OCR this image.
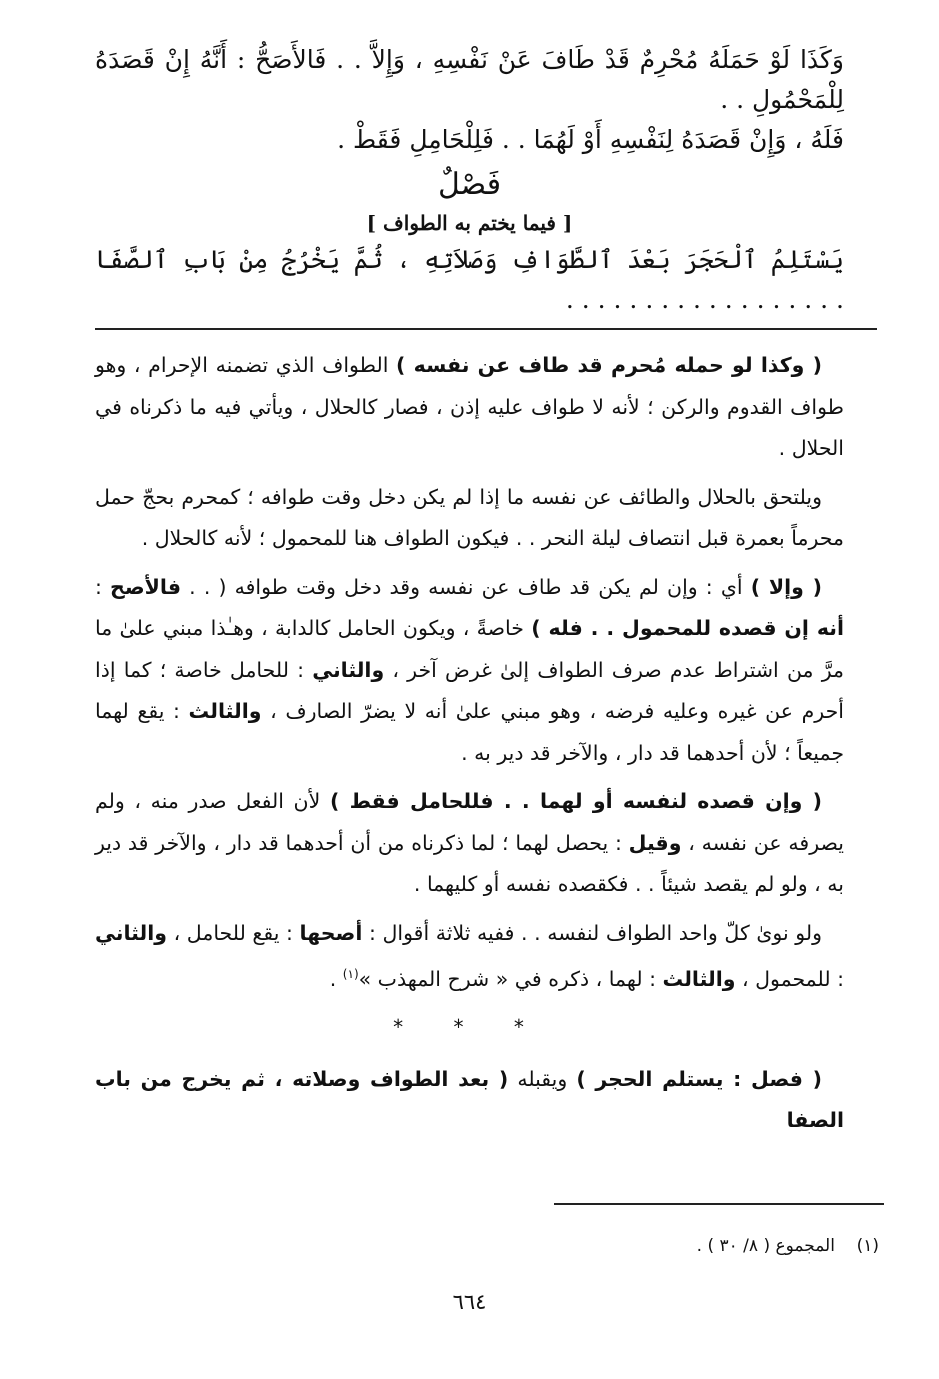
وَكَذَا لَوْ حَمَلَهُ مُحْرِمٌ قَدْ طَافَ عَنْ نَفْسِهِ ، وَإِلاَّ . . فَالأَصَحُّ : أَنَّهُ إِنْ قَصَدَهُ لِلْمَحْمُولِ . .

فَلَهُ ، وَإِنْ قَصَدَهُ لِنَفْسِهِ أَوْ لَهُمَا . . فَلِلْحَامِلِ فَقَطْ .

فَصْلٌ
[ فيما يختم به الطواف ]

يَسْتَلِمُ ٱلْحَجَرَ بَعْدَ ٱلطَّوَافِ وَصَلاَتِهِ ، ثُمَّ يَخْرُجُ مِنْ بَابِ ٱلصَّفَا . . . . . . . . . . . . . . . . . .

( وكذا لو حمله مُحرم قد طاف عن نفسه ) الطواف الذي تضمنه الإحرام ، وهو طواف القدوم والركن ؛ لأنه لا طواف عليه إذن ، فصار كالحلال ، ويأتي فيه ما ذكرناه في الحلال .

ويلتحق بالحلال والطائف عن نفسه ما إذا لم يكن دخل وقت طوافه ؛ كمحرم بحجّ حمل محرماً بعمرة قبل انتصاف ليلة النحر . . فيكون الطواف هنا للمحمول ؛ لأنه كالحلال .

( وإلا ) أي : وإن لم يكن قد طاف عن نفسه وقد دخل وقت طوافه ( . . فالأصح : أنه إن قصده للمحمول . . فله ) خاصةً ، ويكون الحامل كالدابة ، وهـٰذا مبني علىٰ ما مرَّ من اشتراط عدم صرف الطواف إلىٰ غرض آخر ، والثاني : للحامل خاصة ؛ كما إذا أحرم عن غيره وعليه فرضه ، وهو مبني علىٰ أنه لا يضرّ الصارف ، والثالث : يقع لهما جميعاً ؛ لأن أحدهما قد دار ، والآخر قد دير به .

( وإن قصده لنفسه أو لهما . . فللحامل فقط ) لأن الفعل صدر منه ، ولم يصرفه عن نفسه ، وقيل : يحصل لهما ؛ لما ذكرناه من أن أحدهما قد دار ، والآخر قد دير به ، ولو لم يقصد شيئاً . . فكقصده نفسه أو كليهما .

ولو نوىٰ كلّ واحد الطواف لنفسه . . ففيه ثلاثة أقوال : أصحها : يقع للحامل ، والثاني : للمحمول ، والثالث : لهما ، ذكره في « شرح المهذب »$^{(١)}$ .

* * *

( فصل : يستلم الحجر ) ويقبله ( بعد الطواف وصلاته ، ثم يخرج من باب الصفا

(١)    المجموع ( ٨/ ٣٠ ) .
٦٦٤
